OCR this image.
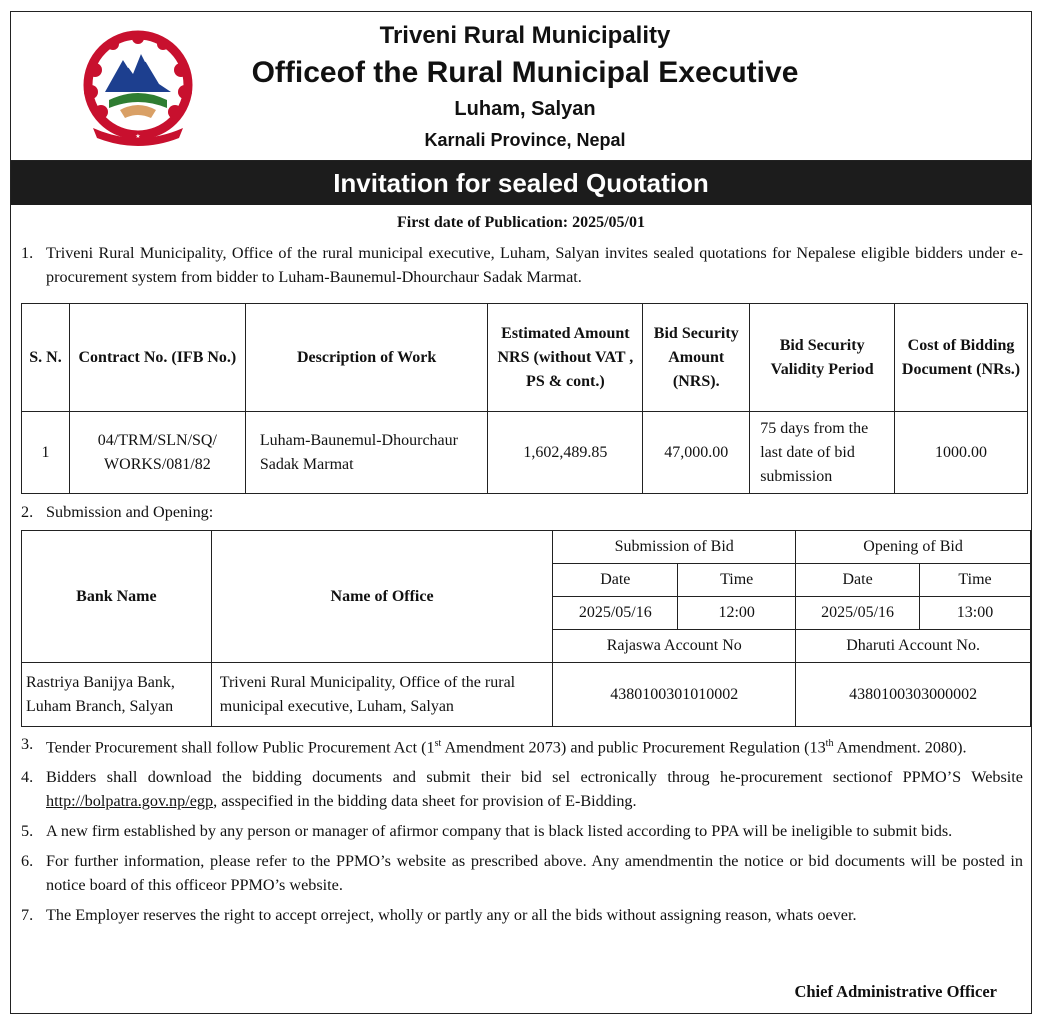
★
Triveni Rural Municipality
Officeof the Rural Municipal Executive
Luham, Salyan
Karnali Province, Nepal
Invitation for sealed Quotation
First date of Publication: 2025/05/01
1. Triveni Rural Municipality, Office of the rural municipal executive, Luham, Salyan invites sealed quotations for Nepalese eligible bidders under e-procurement system from bidder to Luham-Baunemul-Dhourchaur Sadak Marmat.
S. N.	Contract No. (IFB No.)	Description of Work	Estimated Amount NRS (without VAT , PS & cont.)	Bid Security Amount (NRS).	Bid Security Validity Period	Cost of Bidding Document (NRs.)
1	04/TRM/SLN/SQ/ WORKS/081/82	Luham-Baunemul-Dhourchaur Sadak Marmat	1,602,489.85	47,000.00	75 days from the last date of bid submission	1000.00
2. Submission and Opening:
Bank Name	Name of Office	Submission of Bid		Opening of Bid	
		Date	Time	Date	Time
		2025/05/16	12:00	2025/05/16	13:00
		Rajaswa Account No		Dharuti Account No.	
Rastriya Banijya Bank, Luham Branch, Salyan	Triveni Rural Municipality, Office of the rural municipal executive, Luham, Salyan	4380100301010002		4380100303000002	
3. Tender Procurement shall follow Public Procurement Act (1st Amendment 2073) and public Procurement Regulation (13th Amendment. 2080).
4. Bidders shall download the bidding documents and submit their bid sel ectronically throug he-procurement sectionof PPMO’S Website http://bolpatra.gov.np/egp, asspecified in the bidding data sheet for provision of E-Bidding.
5. A new firm established by any person or manager of afirmor company that is black listed according to PPA will be ineligible to submit bids.
6. For further information, please refer to the PPMO’s website as prescribed above. Any amendmentin the notice or bid documents will be posted in notice board of this officeor PPMO’s website.
7. The Employer reserves the right to accept orreject, wholly or partly any or all the bids without assigning reason, whats oever.
Chief Administrative Officer
